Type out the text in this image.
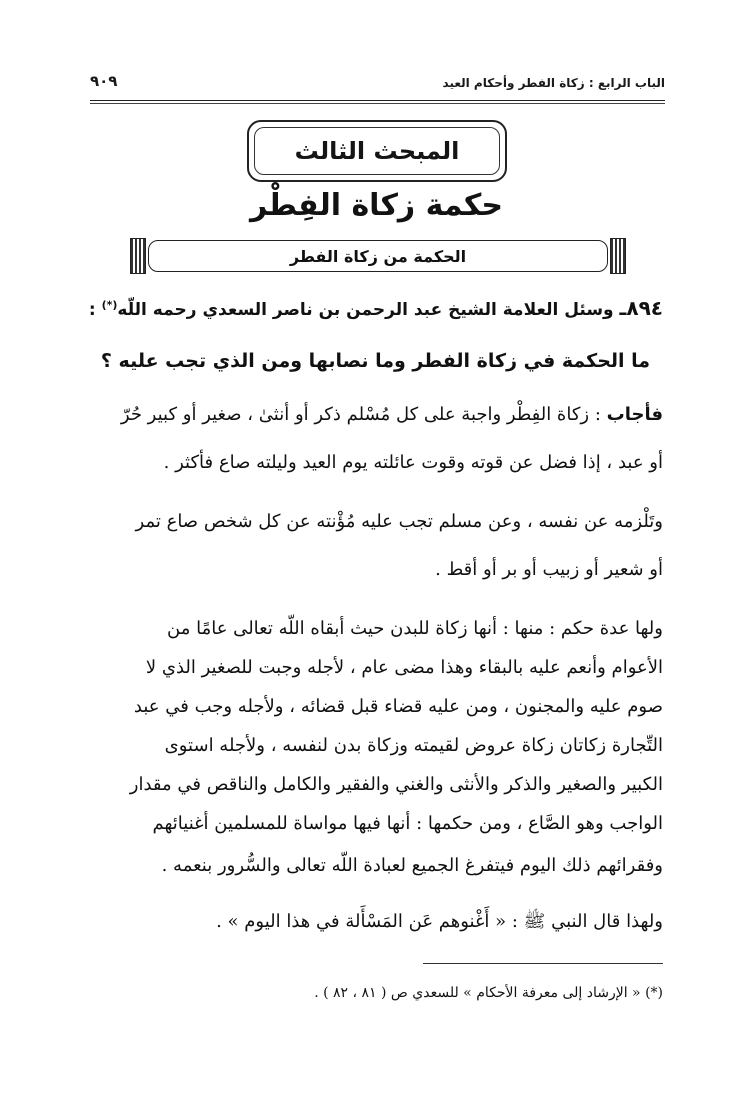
الباب الرابع : زكاة الفطر وأحكام العيد
٩٠٩
المبحث الثالث
حكمة زكاة الفِطْر
الحكمة من زكاة الفطر
٨٩٤ـ وسئل العلامة الشيخ عبد الرحمن بن ناصر السعدي رحمه اللّه(*) :
ما الحكمة في زكاة الفطر وما نصابها ومن الذي تجب عليه ؟
فأجاب : زكاة الفِطْر واجبة على كل مُسْلم ذكر أو أنثىٰ ، صغير أو كبير حُرّ
أو عبد ، إذا فضل عن قوته وقوت عائلته يوم العيد وليلته صاع فأكثر .
وتَلْزمه عن نفسه ، وعن مسلم تجب عليه مُؤْنته عن كل شخص صاع تمر
أو شعير أو زبيب أو بر أو أقط .
ولها عدة حكم : منها : أنها زكاة للبدن حيث أبقاه اللّه تعالى عامًا من
الأعوام وأنعم عليه بالبقاء وهذا مضى عام ، لأجله وجبت للصغير الذي لا
صوم عليه والمجنون ، ومن عليه قضاء قبل قضائه ، ولأجله وجب في عبد
التِّجارة زكاتان زكاة عروض لقيمته وزكاة بدن لنفسه ، ولأجله استوى
الكبير والصغير والذكر والأنثى والغني والفقير والكامل والناقص في مقدار
الواجب وهو الصَّاع ، ومن حكمها : أنها فيها مواساة للمسلمين أغنيائهم
وفقرائهم ذلك اليوم فيتفرغ الجميع لعبادة اللّه تعالى والسُّرور بنعمه .
ولهذا قال النبي ﷺ : « أَغْنوهم عَن المَسْأَلة في هذا اليوم » .
(*) « الإرشاد إلى معرفة الأحكام » للسعدي ص ( ٨١ ، ٨٢ ) .
